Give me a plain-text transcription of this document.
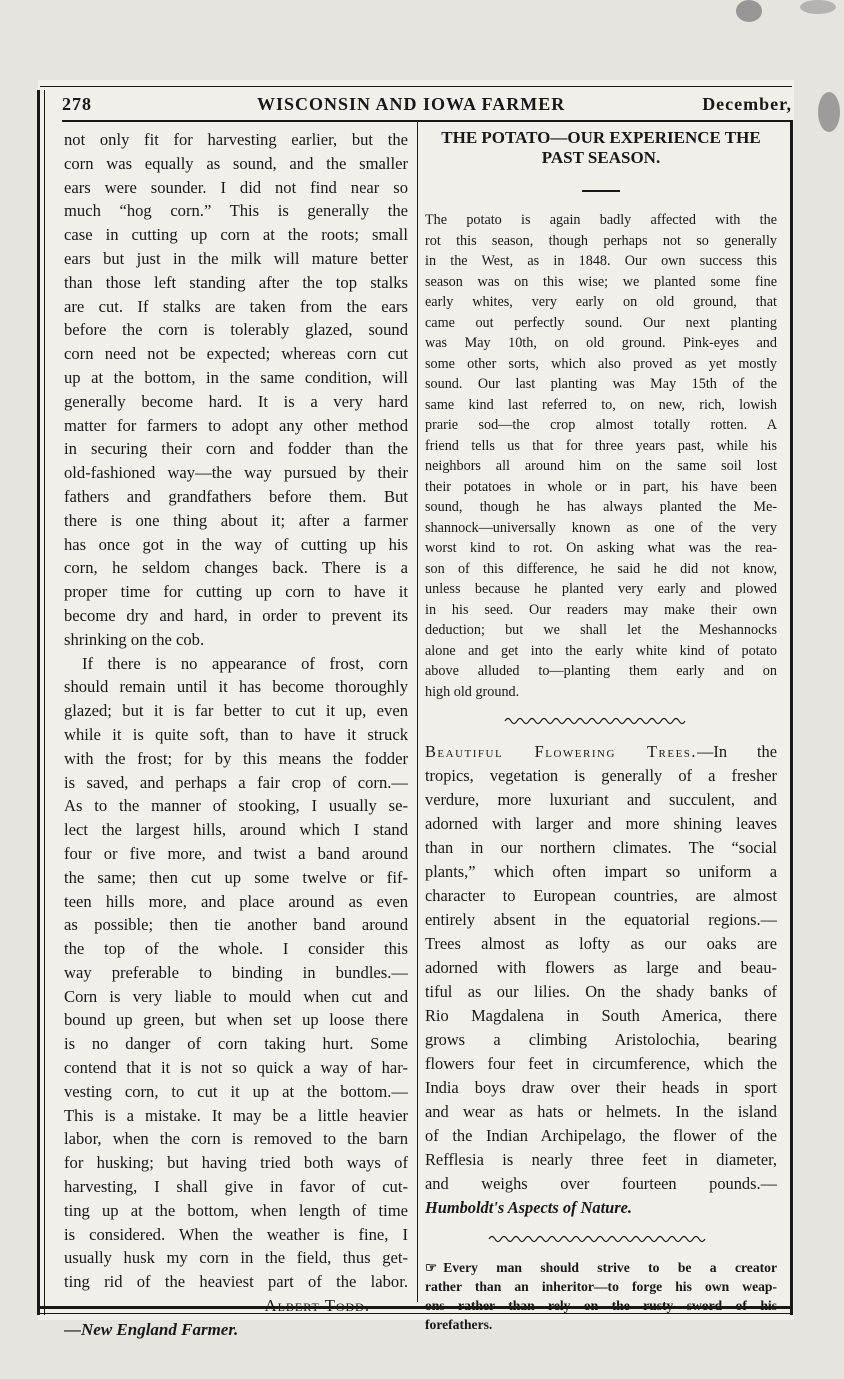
278	WISCONSIN AND IOWA FARMER	December,
not only fit for harvesting earlier, but the
corn was equally as sound, and the smaller
ears were sounder. I did not find near so
much “hog corn.” This is generally the
case in cutting up corn at the roots; small
ears but just in the milk will mature better
than those left standing after the top stalks
are cut. If stalks are taken from the ears
before the corn is tolerably glazed, sound
corn need not be expected; whereas corn cut
up at the bottom, in the same condition, will
generally become hard. It is a very hard
matter for farmers to adopt any other method
in securing their corn and fodder than the
old-fashioned way—the way pursued by their
fathers and grandfathers before them. But
there is one thing about it; after a farmer
has once got in the way of cutting up his
corn, he seldom changes back. There is a
proper time for cutting up corn to have it
become dry and hard, in order to prevent its
shrinking on the cob.
If there is no appearance of frost, corn
should remain until it has become thoroughly
glazed; but it is far better to cut it up, even
while it is quite soft, than to have it struck
with the frost; for by this means the fodder
is saved, and perhaps a fair crop of corn.—
As to the manner of stooking, I usually se-
lect the largest hills, around which I stand
four or five more, and twist a band around
the same; then cut up some twelve or fif-
teen hills more, and place around as even
as possible; then tie another band around
the top of the whole. I consider this
way preferable to binding in bundles.—
Corn is very liable to mould when cut and
bound up green, but when set up loose there
is no danger of corn taking hurt. Some
contend that it is not so quick a way of har-
vesting corn, to cut it up at the bottom.—
This is a mistake. It may be a little heavier
labor, when the corn is removed to the barn
for husking; but having tried both ways of
harvesting, I shall give in favor of cut-
ting up at the bottom, when length of time
is considered. When the weather is fine, I
usually husk my corn in the field, thus get-
ting rid of the heaviest part of the labor.
Albert Todd.
—New England Farmer.
THE POTATO—OUR EXPERIENCE THE
PAST SEASON.
The potato is again badly affected with the
rot this season, though perhaps not so generally
in the West, as in 1848. Our own success this
season was on this wise; we planted some fine
early whites, very early on old ground, that
came out perfectly sound. Our next planting
was May 10th, on old ground. Pink-eyes and
some other sorts, which also proved as yet mostly
sound. Our last planting was May 15th of the
same kind last referred to, on new, rich, lowish
prarie sod—the crop almost totally rotten. A
friend tells us that for three years past, while his
neighbors all around him on the same soil lost
their potatoes in whole or in part, his have been
sound, though he has always planted the Me-
shannock—universally known as one of the very
worst kind to rot. On asking what was the rea-
son of this difference, he said he did not know,
unless because he planted very early and plowed
in his seed. Our readers may make their own
deduction; but we shall let the Meshannocks
alone and get into the early white kind of potato
above alluded to—planting them early and on
high old ground.
Beautiful Flowering Trees.—In the
tropics, vegetation is generally of a fresher
verdure, more luxuriant and succulent, and
adorned with larger and more shining leaves
than in our northern climates. The “social
plants,” which often impart so uniform a
character to European countries, are almost
entirely absent in the equatorial regions.—
Trees almost as lofty as our oaks are
adorned with flowers as large and beau-
tiful as our lilies. On the shady banks of
Rio Magdalena in South America, there
grows a climbing Aristolochia, bearing
flowers four feet in circumference, which the
India boys draw over their heads in sport
and wear as hats or helmets. In the island
of the Indian Archipelago, the flower of the
Refflesia is nearly three feet in diameter,
and weighs over fourteen pounds.—
Humboldt's Aspects of Nature.
☞ Every man should strive to be a creator
rather than an inheritor—to forge his own weap-
ons rather than rely on the rusty sword of his
forefathers.
